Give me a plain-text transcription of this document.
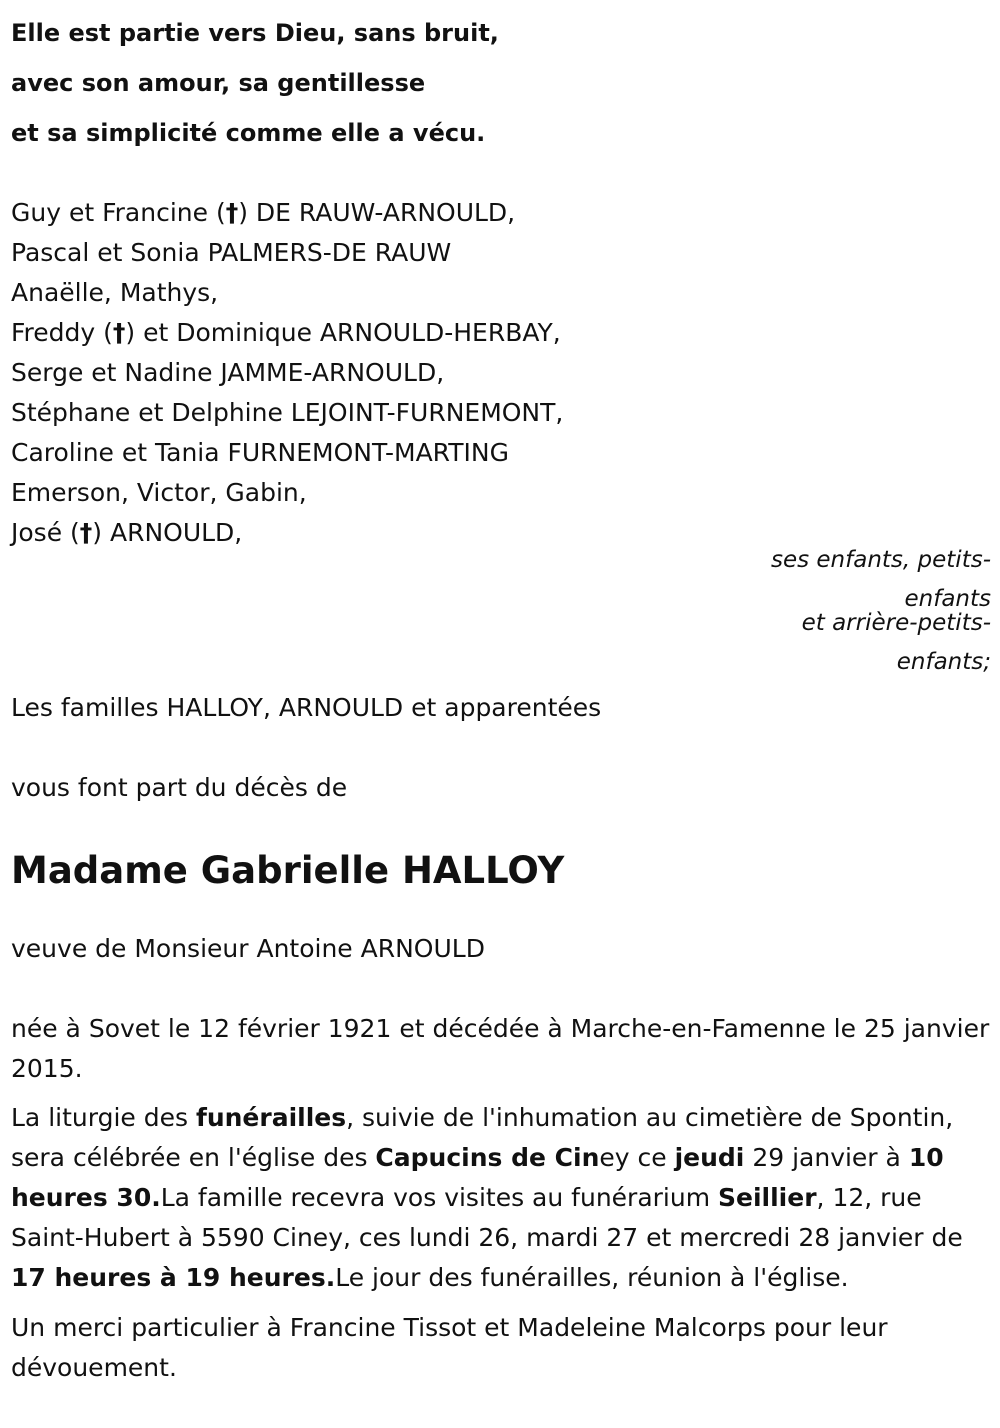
Elle est partie vers Dieu, sans bruit,
avec son amour, sa gentillesse
et sa simplicité comme elle a vécu.
Guy et Francine (†) DE RAUW-ARNOULD,
Pascal et Sonia PALMERS-DE RAUW
Anaëlle, Mathys,
Freddy (†) et Dominique ARNOULD-HERBAY,
Serge et Nadine JAMME-ARNOULD,
Stéphane et Delphine LEJOINT-FURNEMONT,
Caroline et Tania FURNEMONT-MARTING
Emerson, Victor, Gabin,
José (†) ARNOULD,
ses enfants, petits-enfants
et arrière-petits-enfants;
Les familles HALLOY, ARNOULD et apparentées
vous font part du décès de
Madame Gabrielle HALLOY
veuve de Monsieur Antoine ARNOULD

née à Sovet le 12 février 1921 et décédée à Marche-en-Famenne le 25 janvier 2015.

La liturgie des funérailles, suivie de l'inhumation au cimetière de Spontin, sera célébrée en l'église des Capucins de Ciney ce jeudi 29 janvier à 10 heures 30.La famille recevra vos visites au funérarium Seillier, 12, rue Saint-Hubert à 5590 Ciney, ces lundi 26, mardi 27 et mercredi 28 janvier de 17 heures à 19 heures.Le jour des funérailles, réunion à l'église.

Un merci particulier à Francine Tissot et Madeleine Malcorps pour leur dévouement.
